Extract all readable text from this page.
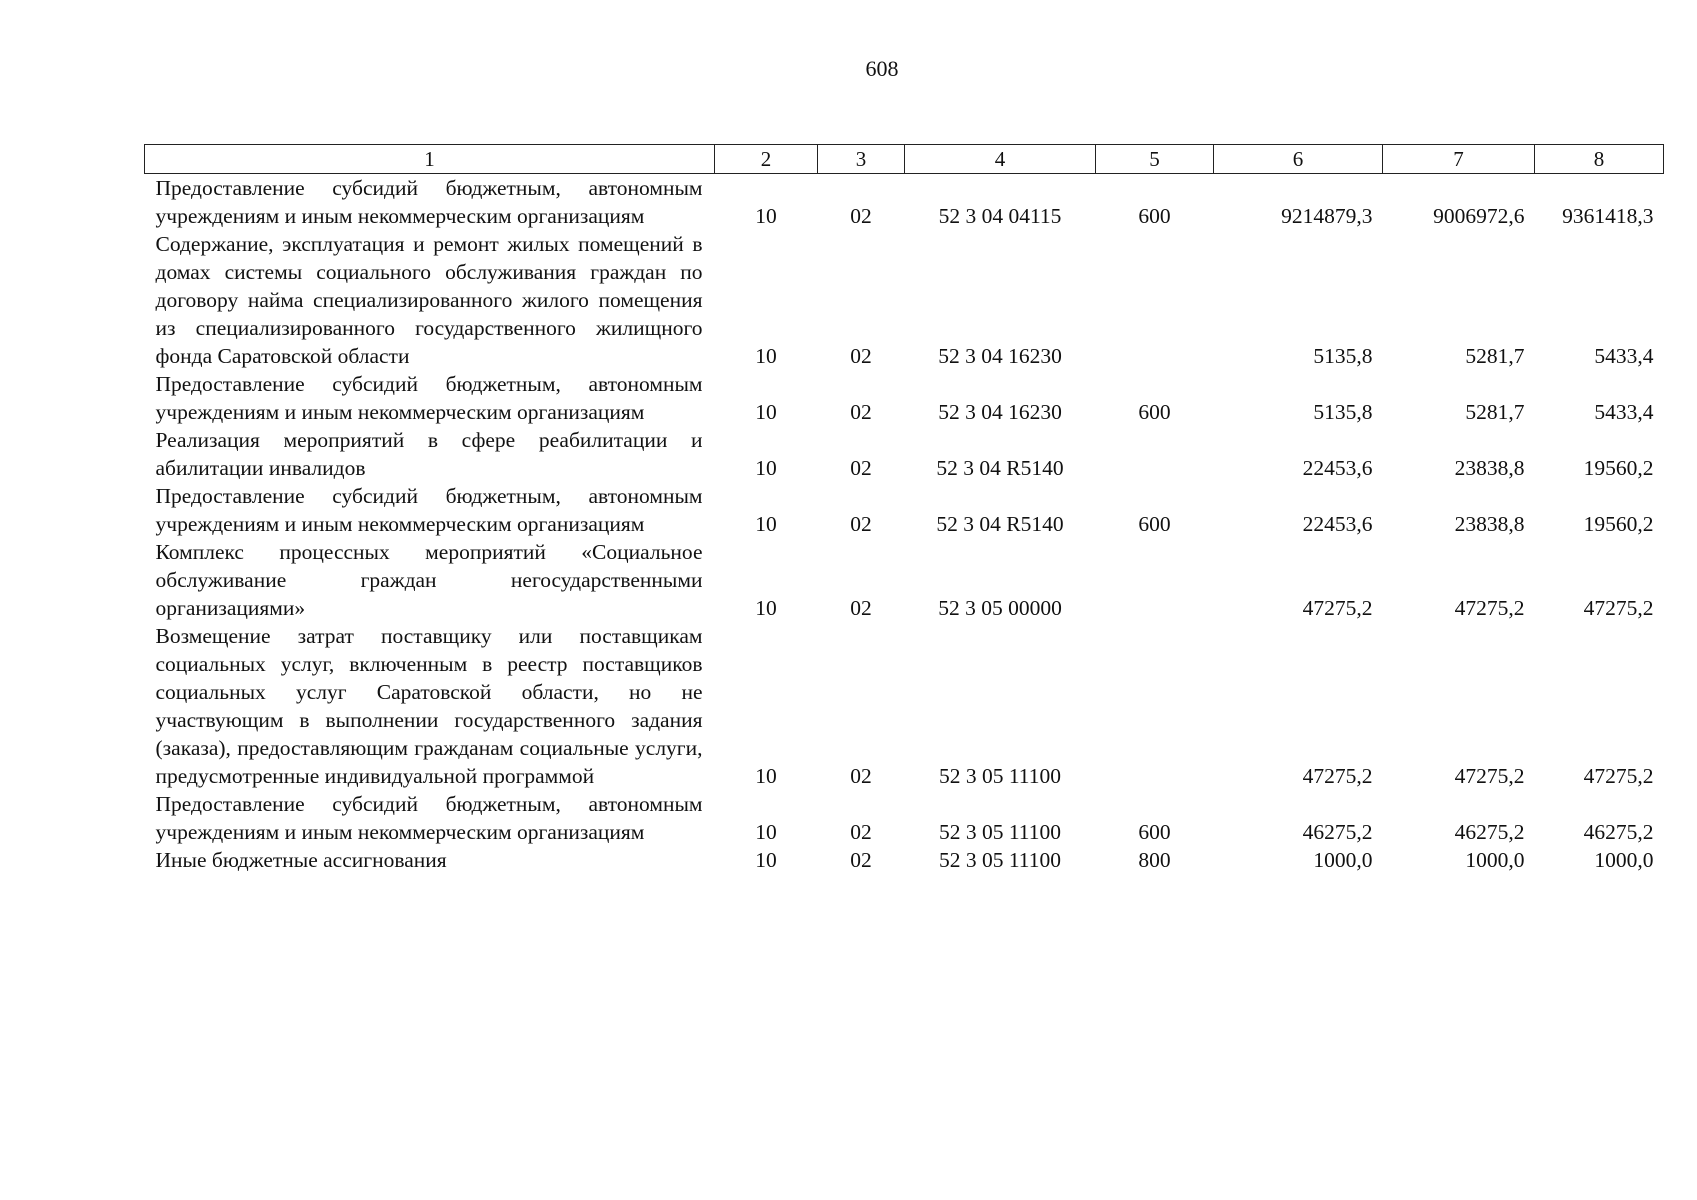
608
1	2	3	4	5	6	7	8
Предоставление субсидий бюджетным, автономным учреждениям и иным некоммерческим организациям	10	02	52 3 04 04115	600	9214879,3	9006972,6	9361418,3
Содержание, эксплуатация и ремонт жилых помещений в домах системы социального обслуживания граждан по договору найма специализированного жилого помещения из специализированного государственного жилищного фонда Саратовской области	10	02	52 3 04 16230		5135,8	5281,7	5433,4
Предоставление субсидий бюджетным, автономным учреждениям и иным некоммерческим организациям	10	02	52 3 04 16230	600	5135,8	5281,7	5433,4
Реализация мероприятий в сфере реабилитации и абилитации инвалидов	10	02	52 3 04 R5140		22453,6	23838,8	19560,2
Предоставление субсидий бюджетным, автономным учреждениям и иным некоммерческим организациям	10	02	52 3 04 R5140	600	22453,6	23838,8	19560,2
Комплекс процессных мероприятий «Социальное обслуживание граждан негосударственными организациями»	10	02	52 3 05 00000		47275,2	47275,2	47275,2
Возмещение затрат поставщику или поставщикам социальных услуг, включенным в реестр поставщиков социальных услуг Саратовской области, но не участвующим в выполнении государственного задания (заказа), предоставляющим гражданам социальные услуги, предусмотренные индивидуальной программой	10	02	52 3 05 11100		47275,2	47275,2	47275,2
Предоставление субсидий бюджетным, автономным учреждениям и иным некоммерческим организациям	10	02	52 3 05 11100	600	46275,2	46275,2	46275,2
Иные бюджетные ассигнования	10	02	52 3 05 11100	800	1000,0	1000,0	1000,0
